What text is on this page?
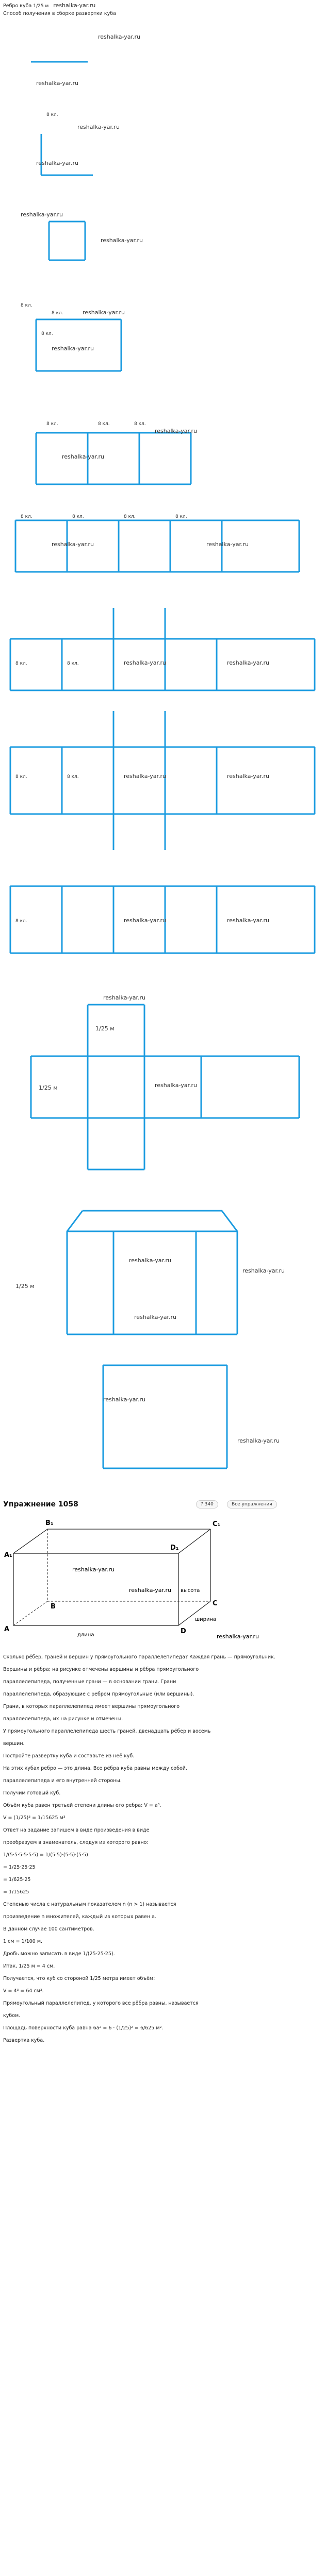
Ребро куба 1/25 м reshalka-yar.ru
Способ получения в сборке развертки куба
reshalka-yar.ru
reshalka-yar.ru
8 кл.
reshalka-yar.ru
reshalka-yar.ru
reshalka-yar.ru
reshalka-yar.ru
8 кл.
8 кл.	reshalka-yar.ru
8 кл.
reshalka-yar.ru
8 кл.	8 кл.	8 кл.
reshalka-yar.ru
reshalka-yar.ru
8 кл.	8 кл.	8 кл.	8 кл.
reshalka-yar.ru	reshalka-yar.ru
8 кл.	8 кл.	reshalka-yar.ru	reshalka-yar.ru
8 кл.	8 кл.	reshalka-yar.ru	reshalka-yar.ru
8 кл.	reshalka-yar.ru	reshalka-yar.ru
1/25 м
1/25 м
reshalka-yar.ru
reshalka-yar.ru
1/25 м
reshalka-yar.ru
reshalka-yar.ru
reshalka-yar.ru
reshalka-yar.ru
reshalka-yar.ru
Упражнение 1058	? 340	Все упражнения
A₁
B₁	C₁
D₁
A
B	C
D
высота
длина
ширина
reshalka-yar.ru
reshalka-yar.ru
reshalka-yar.ru
Сколько рёбер, граней и вершин у прямоугольного параллелепипеда? Каждая грань — прямоугольник.
Вершины и рёбра; на рисунке отмечены вершины и рёбра прямоугольного
параллелепипеда, полученные грани — в основании грани. Грани
параллелепипеда, образующие с ребром прямоугольные (или вершины).
Грани, в которых параллелепипед имеет вершины прямоугольного
параллелепипеда, их на рисунке и отмечены.
У прямоугольного параллелепипеда шесть граней, двенадцать рёбер и восемь
вершин.
Постройте развертку куба и составьте из неё куб.
На этих кубах ребро — это длина. Все рёбра куба равны между собой.
параллелепипеда и его внутренней стороны.
Получим готовый куб.
Объём куба равен третьей степени длины его ребра: V = a³.
V = (1/25)³ = 1/15625 м³
Ответ на задание запишем в виде произведения в виде
преобразуем в знаменатель, следуя из которого равно:
1/(5·5·5·5·5·5) = 1/(5·5)·(5·5)·(5·5)
= 1/25·25·25
= 1/625·25
= 1/15625
Степенью числа с натуральным показателем n (n > 1) называется
произведение n множителей, каждый из которых равен a.
В данном случае 100 сантиметров.
1 см = 1/100 м.
Дробь можно записать в виде 1/(25·25·25).
Итак, 1/25 м = 4 см.
Получается, что куб со стороной 1/25 метра имеет объём:
V = 4³ = 64 см³.
Прямоугольный параллелепипед, у которого все рёбра равны, называется
кубом.
Площадь поверхности куба равна 6a² = 6 · (1/25)² = 6/625 м².
Развертка куба.
